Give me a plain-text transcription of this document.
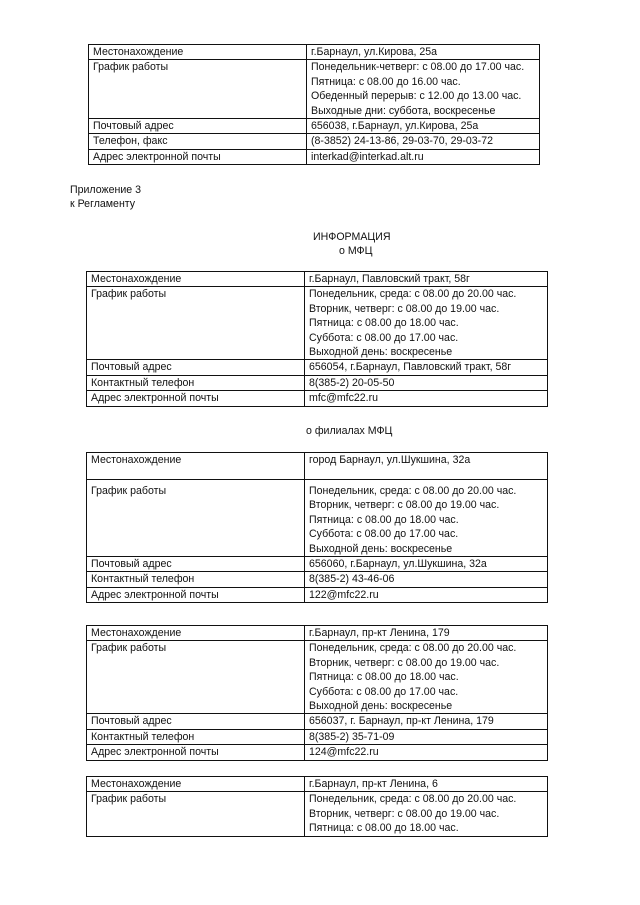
Местонахождение	г.Барнаул, ул.Кирова, 25а

График работы	Понедельник-четверг: с 08.00 до 17.00 час.
Пятница: с 08.00 до 16.00 час.
Обеденный перерыв: с 12.00 до 13.00 час.
Выходные дни: суббота, воскресенье

Почтовый адрес	656038, г.Барнаул, ул.Кирова, 25а

Телефон, факс	(8-3852) 24-13-86, 29-03-70, 29-03-72

Адрес электронной почты	interkad@interkad.alt.ru

Приложение 3

к Регламенту

ИНФОРМАЦИЯ

о МФЦ

Местонахождение	г.Барнаул, Павловский тракт, 58г

График работы	Понедельник, среда: с 08.00 до 20.00 час.
Вторник, четверг: с 08.00 до 19.00 час.
Пятница: с 08.00 до 18.00 час.
Суббота: с 08.00 до 17.00 час.
Выходной день: воскресенье

Почтовый адрес	656054, г.Барнаул, Павловский тракт, 58г

Контактный телефон	8(385-2) 20-05-50

Адрес электронной почты	mfc@mfc22.ru

о филиалах МФЦ

Местонахождение	город Барнаул, ул.Шукшина, 32а

График работы	Понедельник, среда: с 08.00 до 20.00 час.
Вторник, четверг: с 08.00 до 19.00 час.
Пятница: с 08.00 до 18.00 час.
Суббота: с 08.00 до 17.00 час.
Выходной день: воскресенье

Почтовый адрес	656060, г.Барнаул, ул.Шукшина, 32а

Контактный телефон	8(385-2) 43-46-06

Адрес электронной почты	122@mfc22.ru
Местонахождение	г.Барнаул, пр-кт Ленина, 179

График работы	Понедельник, среда: с 08.00 до 20.00 час.
Вторник, четверг: с 08.00 до 19.00 час.
Пятница: с 08.00 до 18.00 час.
Суббота: с 08.00 до 17.00 час.
Выходной день: воскресенье

Почтовый адрес	656037, г. Барнаул, пр-кт Ленина, 179

Контактный телефон	8(385-2) 35-71-09

Адрес электронной почты	124@mfc22.ru
Местонахождение	г.Барнаул, пр-кт Ленина, 6

График работы	Понедельник, среда: с 08.00 до 20.00 час.
Вторник, четверг: с 08.00 до 19.00 час.
Пятница: с 08.00 до 18.00 час.
